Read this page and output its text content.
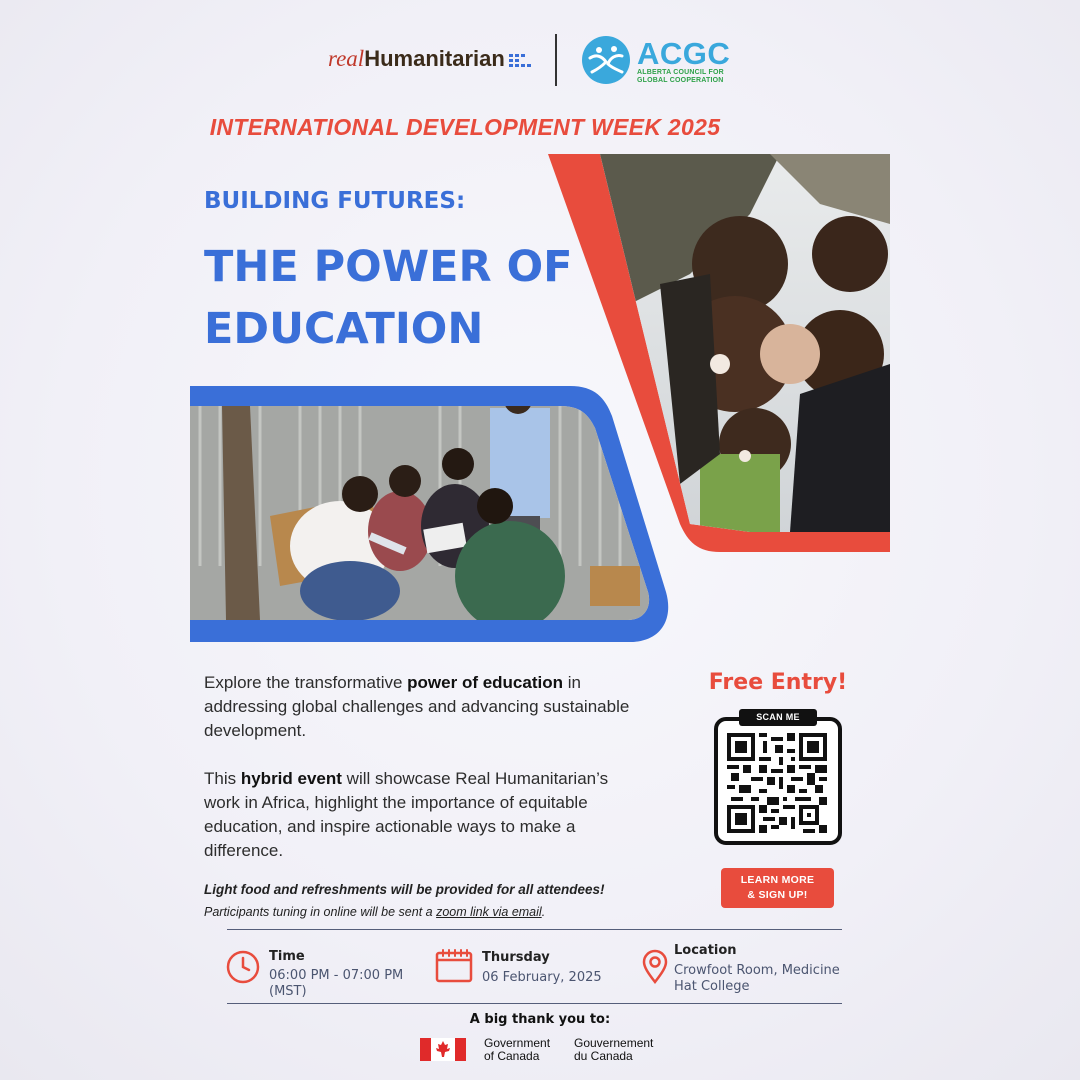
realHumanitarian	ACGC
ALBERTA COUNCIL FOR
GLOBAL COOPERATION
INTERNATIONAL DEVELOPMENT WEEK 2025
BUILDING FUTURES:
THE POWER OF
EDUCATION

Explore the transformative power of education in addressing global challenges and advancing sustainable development.

This hybrid event will showcase Real Humanitarian’s work in Africa, highlight the importance of equitable education, and inspire actionable ways to make a difference.

Light food and refreshments will be provided for all attendees!
Participants tuning in online will be sent a zoom link via email.
Free Entry!
SCAN ME
LEARN MORE
& SIGN UP!
Time
06:00 PM - 07:00 PM
(MST)
Thursday
06 February, 2025
Location
Crowfoot Room, Medicine
Hat College
A big thank you to:
Government
of Canada
Gouvernement
du Canada
